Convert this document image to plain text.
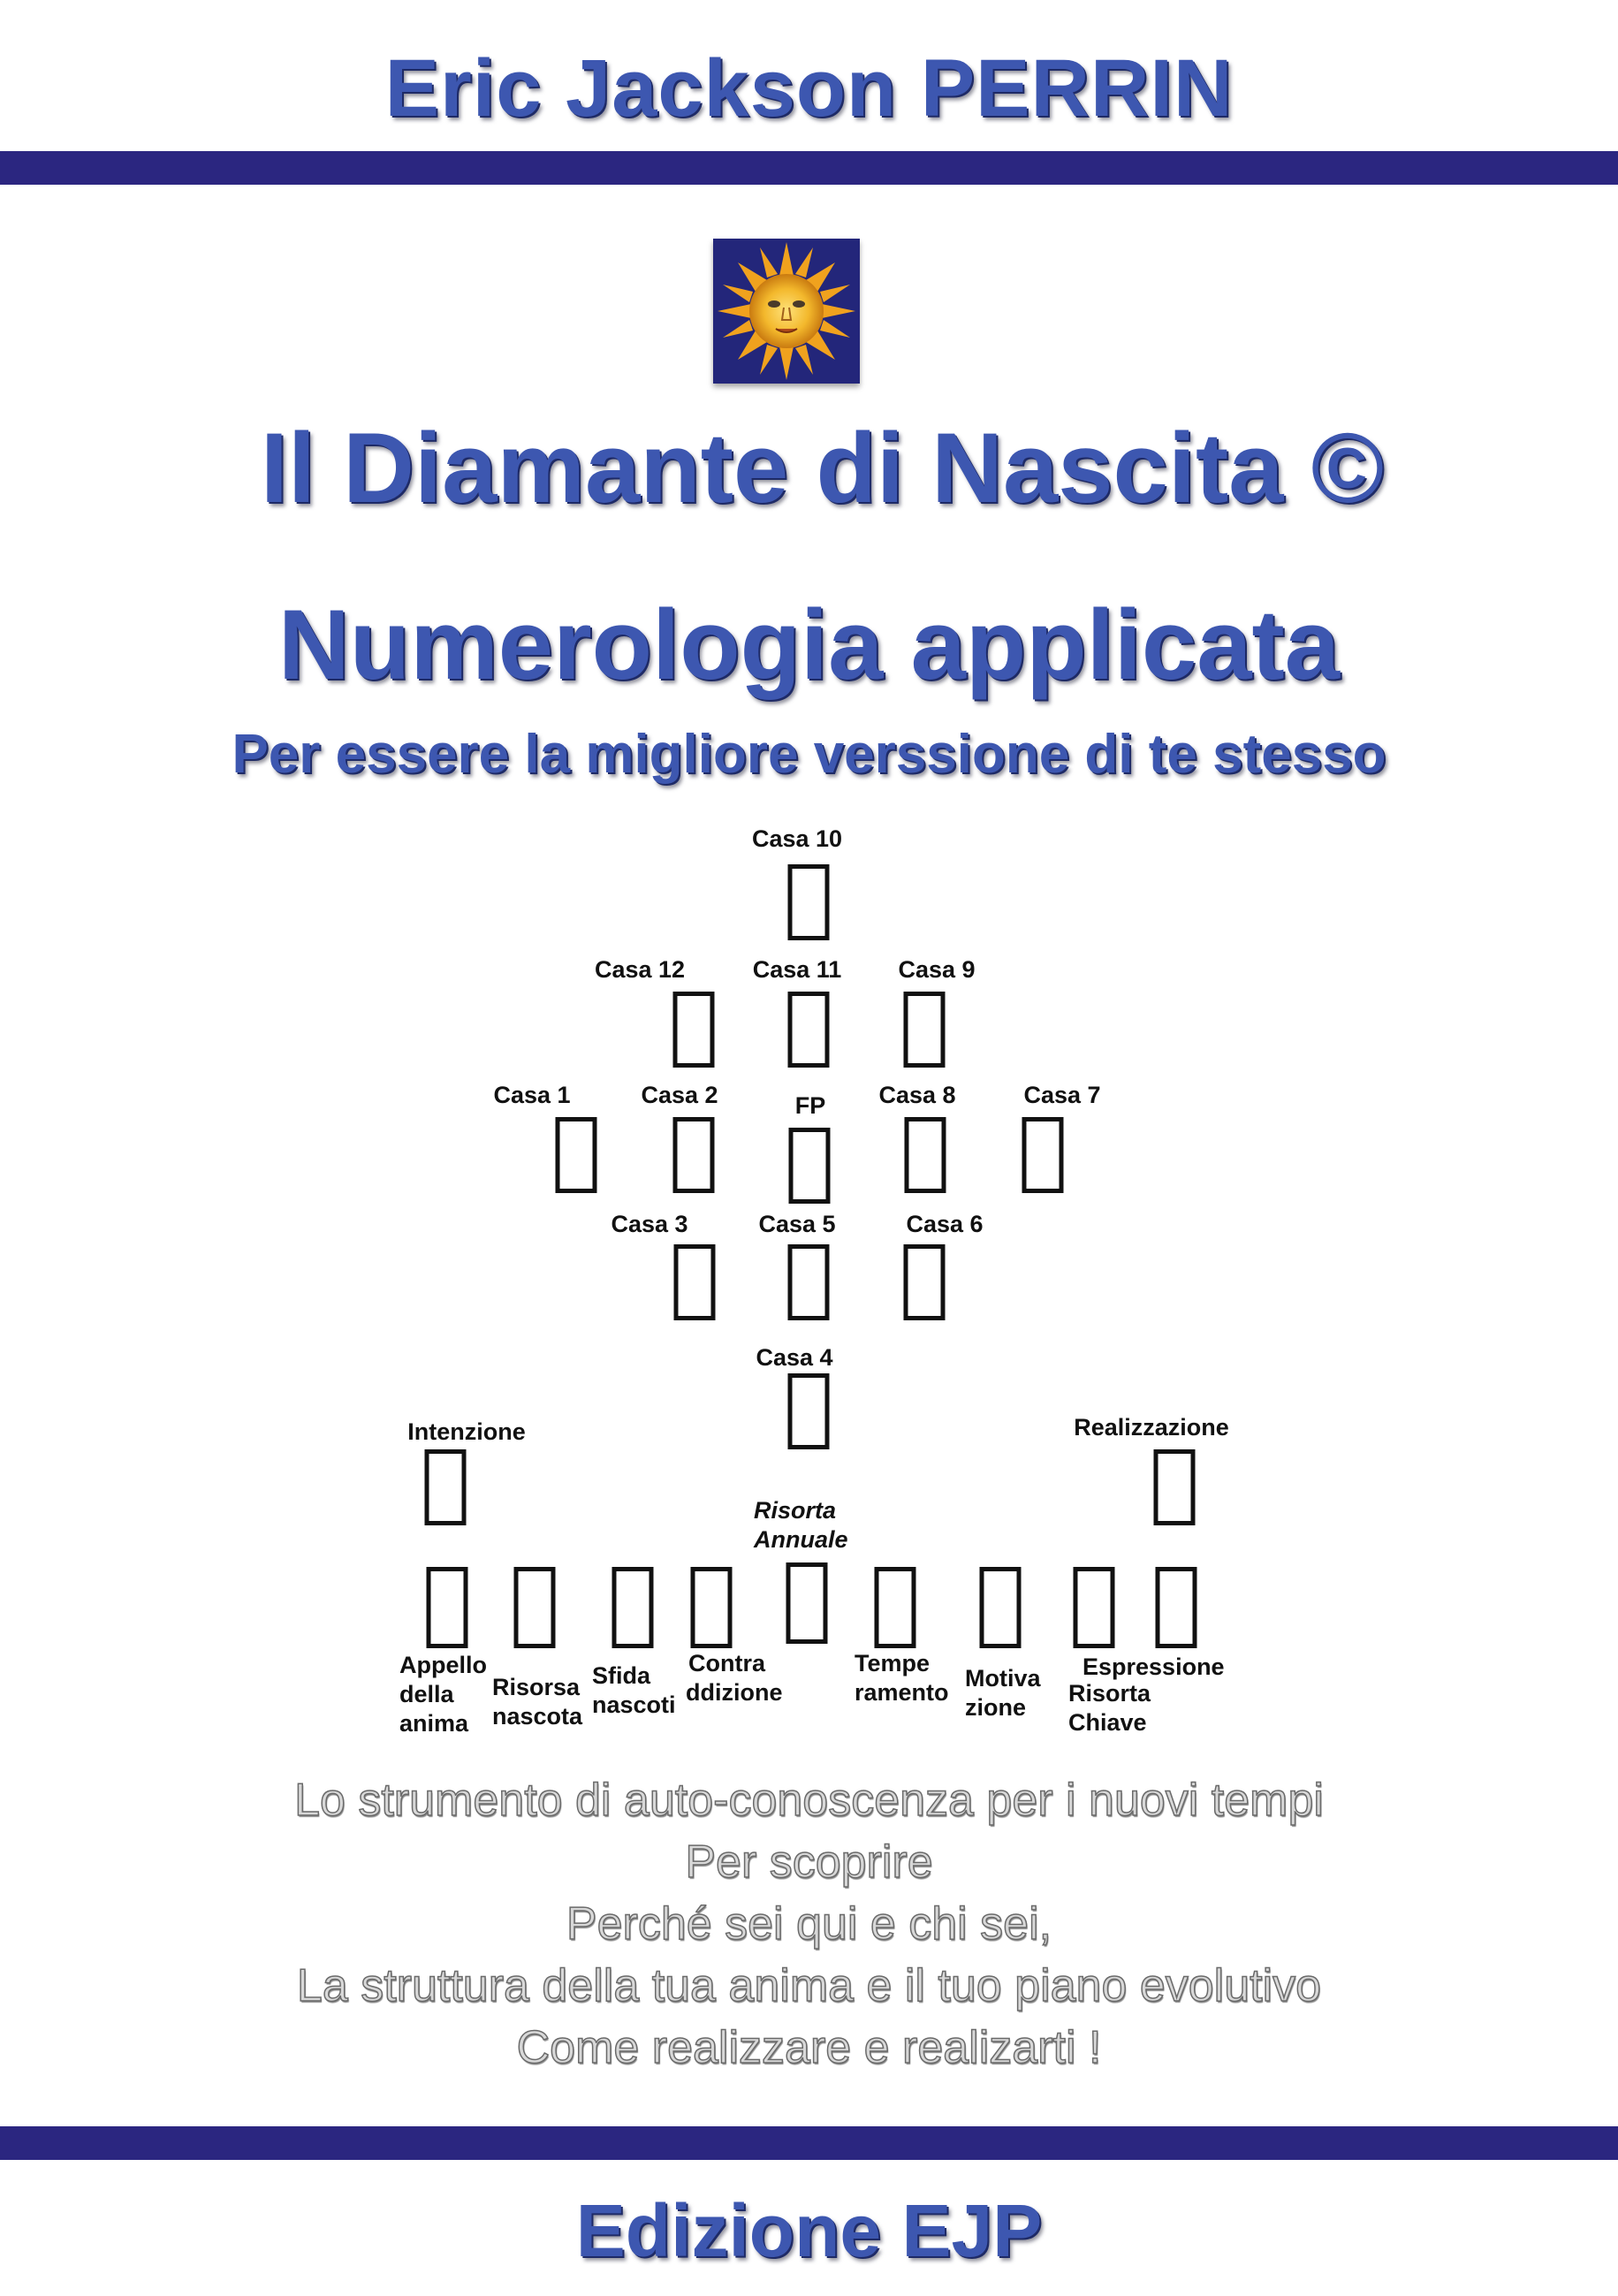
Eric Jackson PERRIN
Il Diamante di Nascita ©
Numerologia applicata
Per essere la migliore verssione di te stesso
Casa 10
Casa 12	Casa 11 Casa 9
Casa 1	Casa 2	FP Casa 8	Casa 7
Casa 3	Casa 5	Casa 6
Casa 4
Intenzione	Realizzazione
Risorta
Annuale
Appello
della
anima
Risorsa
nascota
Sfida
nascoti
Contra
ddizione
Tempe
ramento
Motiva
zione
Espressione
Risorta
Chiave
Lo strumento di auto-conoscenza per i nuovi tempi
Per scoprire
Perché sei qui e chi sei,
La struttura della tua anima e il tuo piano evolutivo
Come realizzare e realizarti !
Edizione EJP
